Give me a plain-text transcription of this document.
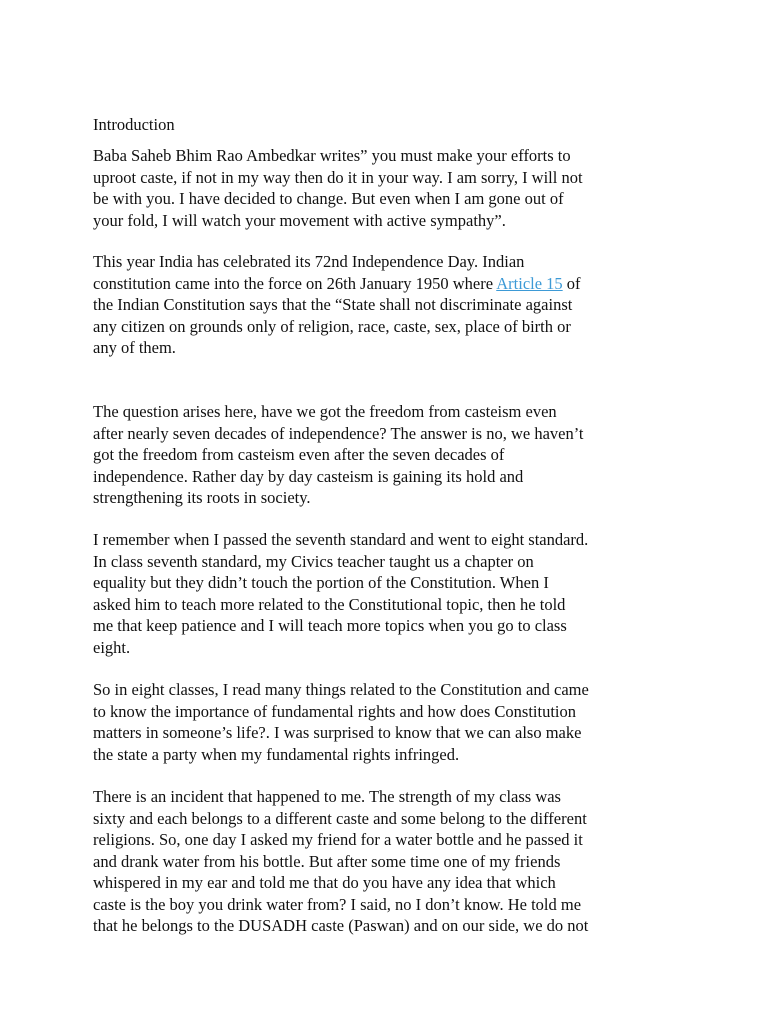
Introduction
Baba Saheb Bhim Rao Ambedkar writes” you must make your efforts to
uproot caste, if not in my way then do it in your way. I am sorry, I will not
be with you. I have decided to change. But even when I am gone out of
your fold, I will watch your movement with active sympathy”.
This year India has celebrated its 72nd Independence Day. Indian
constitution came into the force on 26th January 1950 where Article 15 of
the Indian Constitution says that the “State shall not discriminate against
any citizen on grounds only of religion, race, caste, sex, place of birth or
any of them.
The question arises here, have we got the freedom from casteism even
after nearly seven decades of independence? The answer is no, we haven’t
got the freedom from casteism even after the seven decades of
independence. Rather day by day casteism is gaining its hold and
strengthening its roots in society.
I remember when I passed the seventh standard and went to eight standard.
In class seventh standard, my Civics teacher taught us a chapter on
equality but they didn’t touch the portion of the Constitution. When I
asked him to teach more related to the Constitutional topic, then he told
me that keep patience and I will teach more topics when you go to class
eight.
So in eight classes, I read many things related to the Constitution and came
to know the importance of fundamental rights and how does Constitution
matters in someone’s life?. I was surprised to know that we can also make
the state a party when my fundamental rights infringed.
There is an incident that happened to me. The strength of my class was
sixty and each belongs to a different caste and some belong to the different
religions. So, one day I asked my friend for a water bottle and he passed it
and drank water from his bottle. But after some time one of my friends
whispered in my ear and told me that do you have any idea that which
caste is the boy you drink water from? I said, no I don’t know. He told me
that he belongs to the DUSADH caste (Paswan) and on our side, we do not
